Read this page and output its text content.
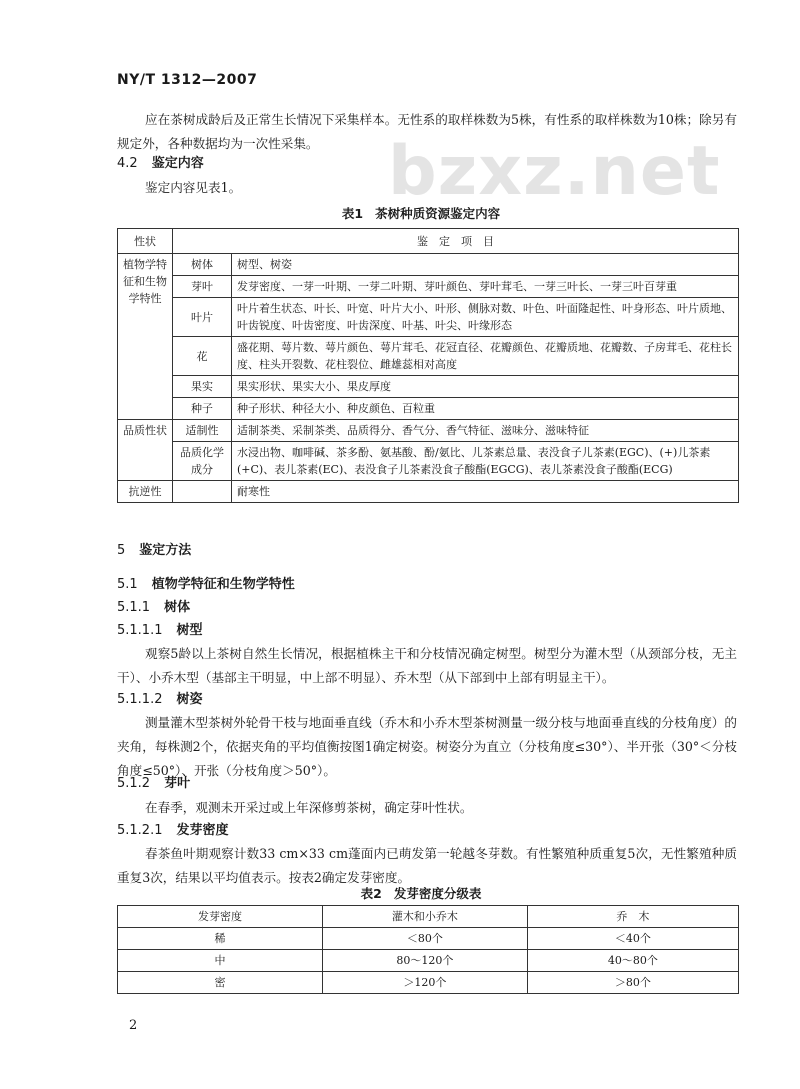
NY/T 1312—2007
bzxz.net

应在茶树成龄后及正常生长情况下采集样本。无性系的取样株数为5株，有性系的取样株数为10株；除另有规定外，各种数据均为一次性采集。

4.2 鉴定内容

鉴定内容见表1。

表1 茶树种质资源鉴定内容
性状	鉴　定　项　目	
植物学特征和生物学特性	树体	树型、树姿
	芽叶	发芽密度、一芽一叶期、一芽二叶期、芽叶颜色、芽叶茸毛、一芽三叶长、一芽三叶百芽重
	叶片	叶片着生状态、叶长、叶宽、叶片大小、叶形、侧脉对数、叶色、叶面隆起性、叶身形态、叶片质地、叶齿锐度、叶齿密度、叶齿深度、叶基、叶尖、叶缘形态
	花	盛花期、萼片数、萼片颜色、萼片茸毛、花冠直径、花瓣颜色、花瓣质地、花瓣数、子房茸毛、花柱长度、柱头开裂数、花柱裂位、雌雄蕊相对高度
	果实	果实形状、果实大小、果皮厚度
	种子	种子形状、种径大小、种皮颜色、百粒重
品质性状	适制性	适制茶类、采制茶类、品质得分、香气分、香气特征、滋味分、滋味特征
	品质化学成分	水浸出物、咖啡碱、茶多酚、氨基酸、酚/氨比、儿茶素总量、表没食子儿茶素(EGC)、(+)儿茶素(+C)、表儿茶素(EC)、表没食子儿茶素没食子酸酯(EGCG)、表儿茶素没食子酸酯(ECG)
抗逆性		耐寒性
5 鉴定方法
5.1 植物学特征和生物学特性
5.1.1 树体
5.1.1.1 树型

观察5龄以上茶树自然生长情况，根据植株主干和分枝情况确定树型。树型分为灌木型（从颈部分枝，无主干）、小乔木型（基部主干明显，中上部不明显）、乔木型（从下部到中上部有明显主干）。

5.1.1.2 树姿

测量灌木型茶树外轮骨干枝与地面垂直线（乔木和小乔木型茶树测量一级分枝与地面垂直线的分枝角度）的夹角，每株测2个，依据夹角的平均值衡按图1确定树姿。树姿分为直立（分枝角度≤30°）、半开张（30°＜分枝角度≤50°）、开张（分枝角度＞50°）。

5.1.2 芽叶

在春季，观测未开采过或上年深修剪茶树，确定芽叶性状。

5.1.2.1 发芽密度

春茶鱼叶期观察计数33 cm×33 cm蓬面内已萌发第一轮越冬芽数。有性繁殖种质重复5次，无性繁殖种质重复3次，结果以平均值表示。按表2确定发芽密度。

表2 发芽密度分级表
发芽密度	灌木和小乔木	乔　木
稀	＜80个	＜40个
中	80～120个	40～80个
密	＞120个	＞80个
2
